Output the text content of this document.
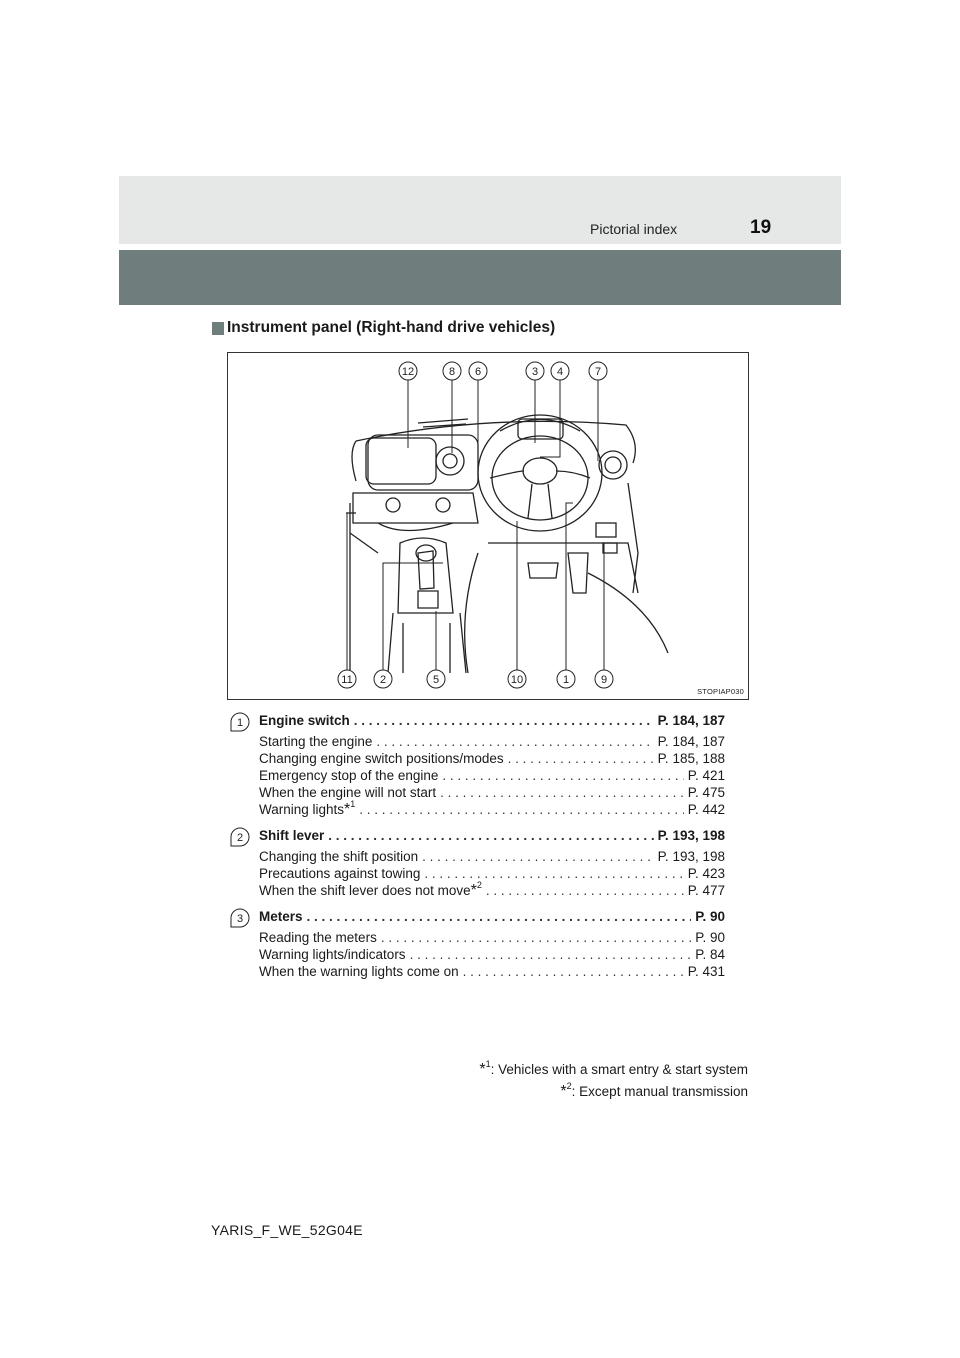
Pictorial index	19
Instrument panel (Right-hand drive vehicles)
12	8 6	3 4	7
11 2	5	10	1	9
STOPIAP030
1 Engine switch . . .	P. 184, 187
Starting the engine . . .	P. 184, 187
Changing engine switch positions/modes . . .	P. 185, 188
Emergency stop of the engine . . .	P. 421
When the engine will not start . . .	P. 475
Warning lights*$^1$ . . .	P. 442
2 Shift lever . . .	P. 193, 198
Changing the shift position . . .	P. 193, 198
Precautions against towing . . .	P. 423
When the shift lever does not move*$^2$ . . .	P. 477
3 Meters . . .	P. 90
Reading the meters . . .	P. 90
Warning lights/indicators . . .	P. 84
When the warning lights come on . . .	P. 431
*$^1$: Vehicles with a smart entry & start system
*$^2$: Except manual transmission
YARIS_F_WE_52G04E
